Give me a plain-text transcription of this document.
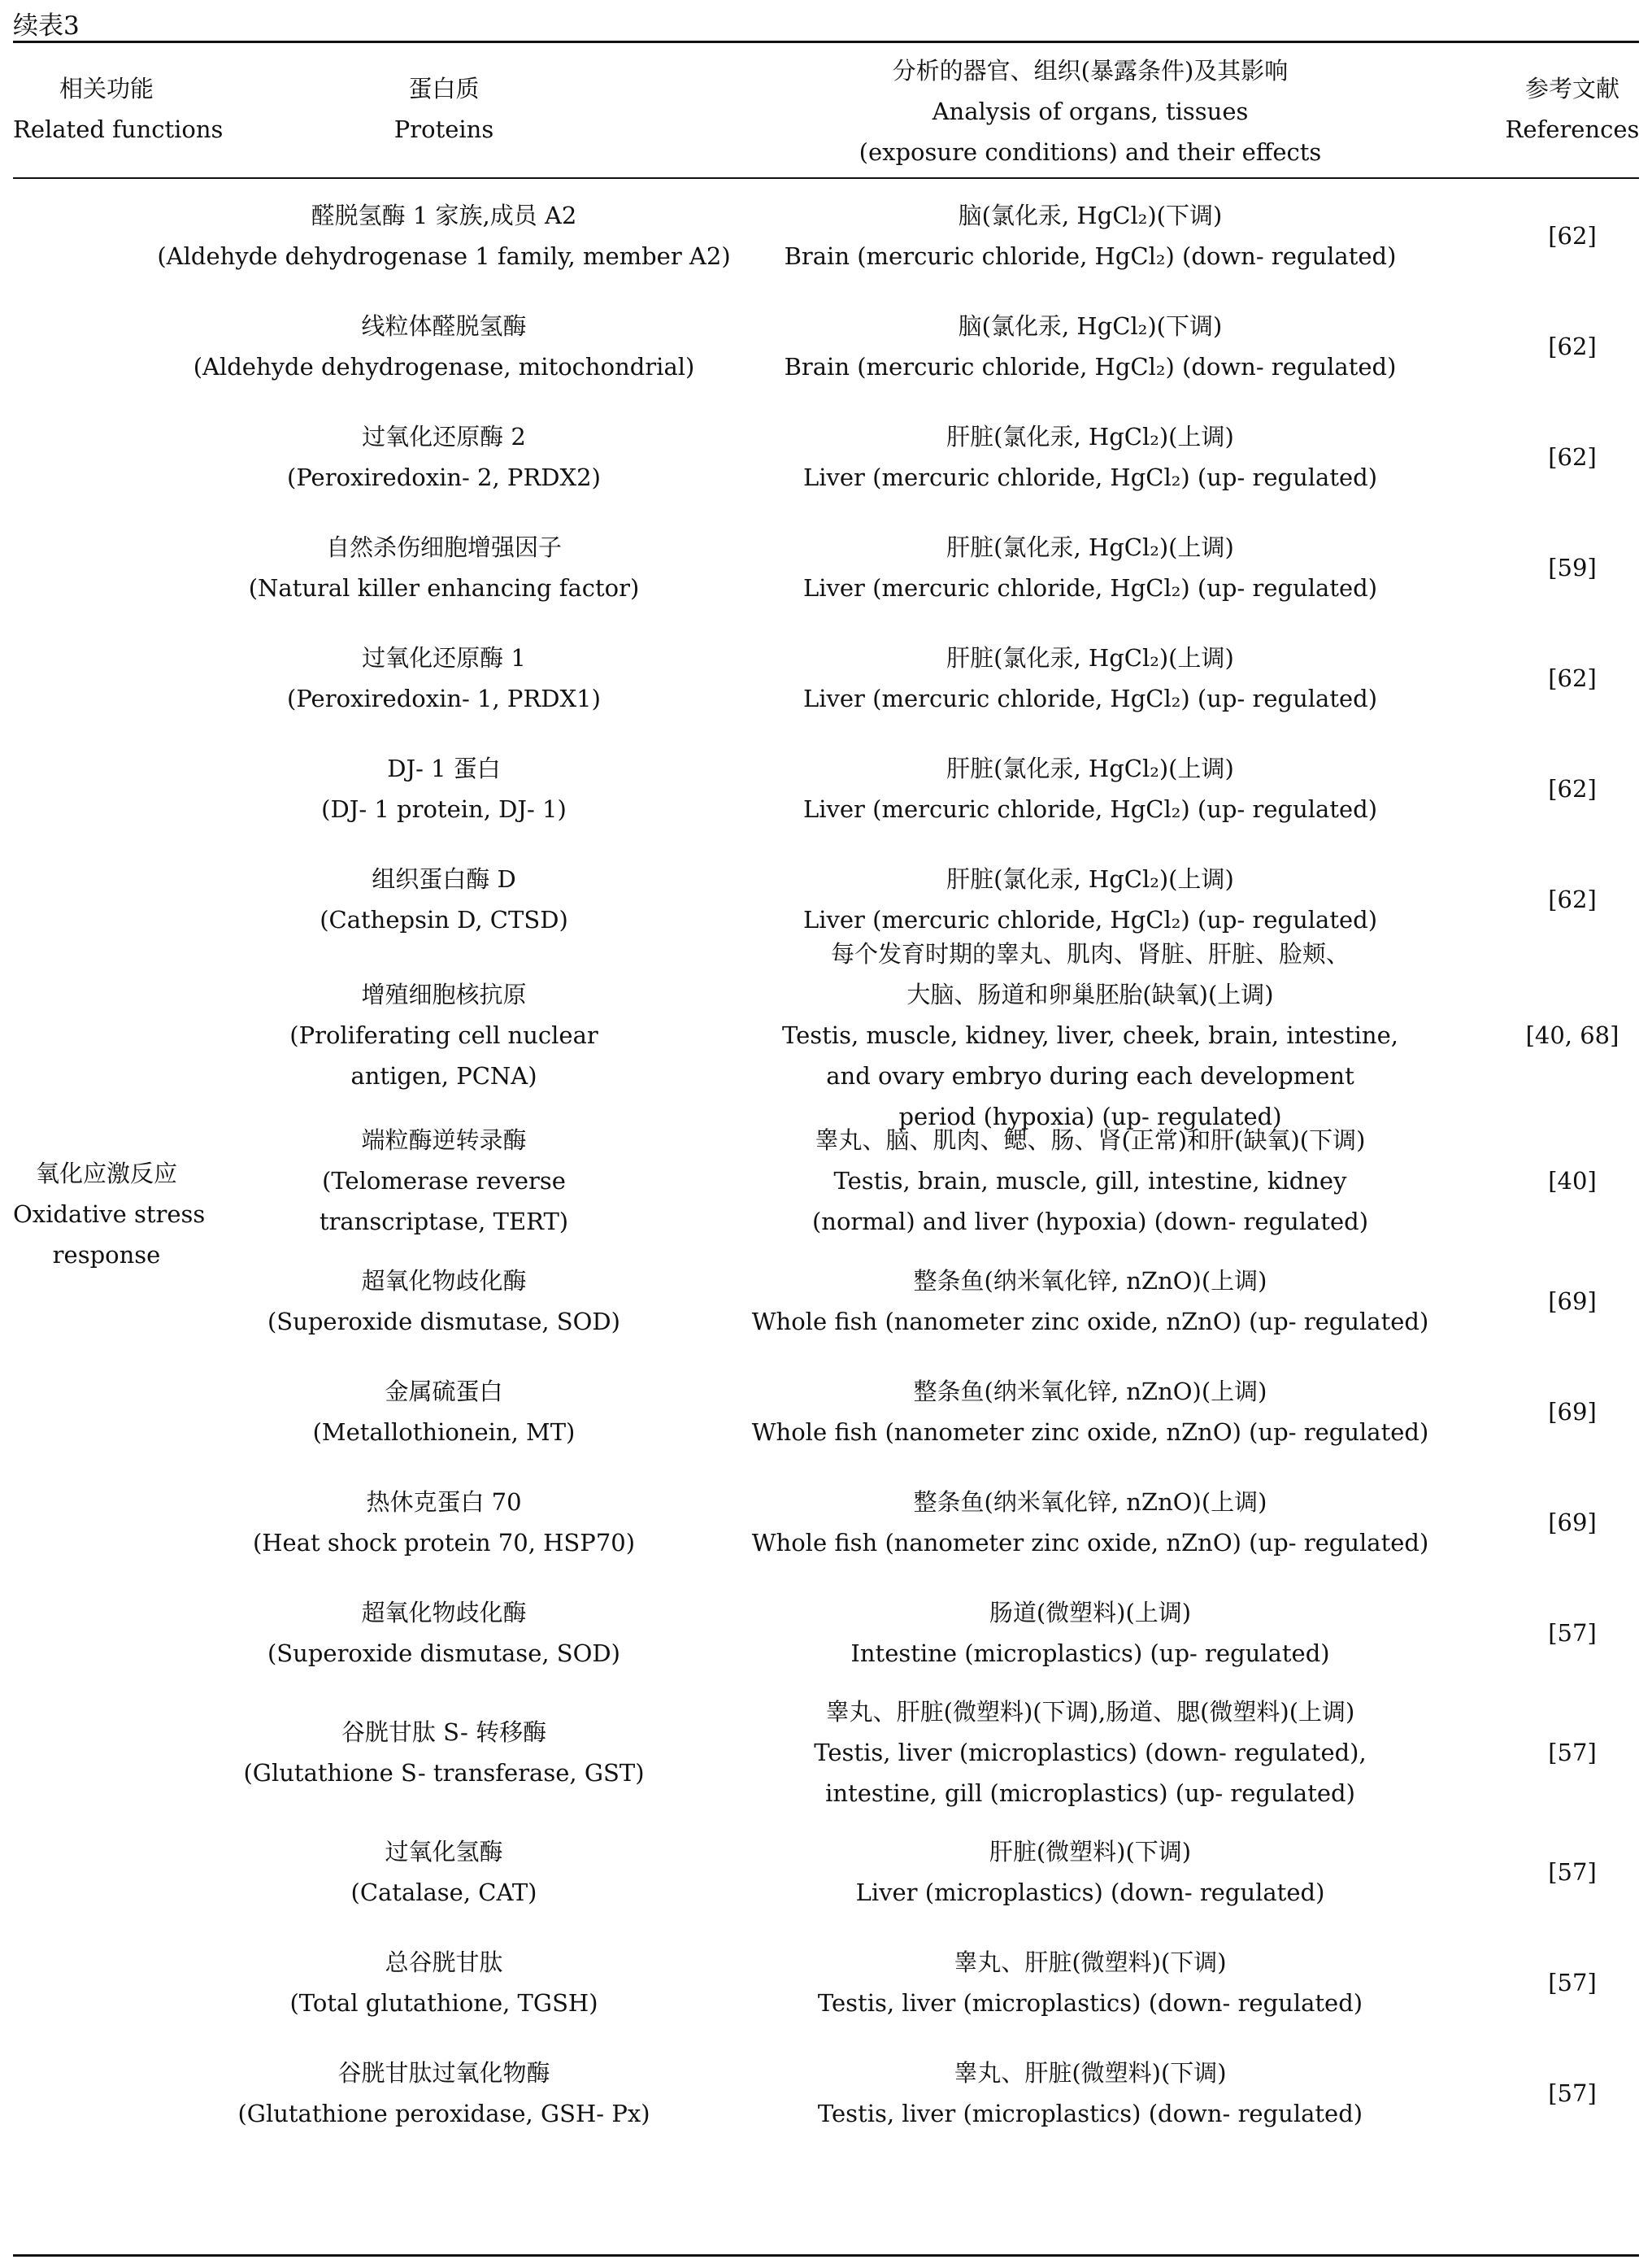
续表3
相关功能
Related functions
蛋白质
Proteins
分析的器官、组织(暴露条件)及其影响
Analysis of organs, tissues
(exposure conditions) and their effects
参考文献
References
氧化应激反应
Oxidative stress
response
醛脱氢酶 1 家族,成员 A2
(Aldehyde dehydrogenase 1 family, member A2)
脑(氯化汞, HgCl₂)(下调)
Brain (mercuric chloride, HgCl₂) (down- regulated)
[62]
线粒体醛脱氢酶
(Aldehyde dehydrogenase, mitochondrial)
脑(氯化汞, HgCl₂)(下调)
Brain (mercuric chloride, HgCl₂) (down- regulated)
[62]
过氧化还原酶 2
(Peroxiredoxin- 2, PRDX2)
肝脏(氯化汞, HgCl₂)(上调)
Liver (mercuric chloride, HgCl₂) (up- regulated)
[62]
自然杀伤细胞增强因子
(Natural killer enhancing factor)
肝脏(氯化汞, HgCl₂)(上调)
Liver (mercuric chloride, HgCl₂) (up- regulated)
[59]
过氧化还原酶 1
(Peroxiredoxin- 1, PRDX1)
肝脏(氯化汞, HgCl₂)(上调)
Liver (mercuric chloride, HgCl₂) (up- regulated)
[62]
DJ- 1 蛋白
(DJ- 1 protein, DJ- 1)
肝脏(氯化汞, HgCl₂)(上调)
Liver (mercuric chloride, HgCl₂) (up- regulated)
[62]
组织蛋白酶 D
(Cathepsin D, CTSD)
肝脏(氯化汞, HgCl₂)(上调)
Liver (mercuric chloride, HgCl₂) (up- regulated)
[62]
增殖细胞核抗原
(Proliferating cell nuclear
antigen, PCNA)
每个发育时期的睾丸、肌肉、肾脏、肝脏、脸颊、
大脑、肠道和卵巢胚胎(缺氧)(上调)
Testis, muscle, kidney, liver, cheek, brain, intestine,
and ovary embryo during each development
period (hypoxia) (up- regulated)
[40, 68]
端粒酶逆转录酶
(Telomerase reverse
transcriptase, TERT)
睾丸、脑、肌肉、鳃、肠、肾(正常)和肝(缺氧)(下调)
Testis, brain, muscle, gill, intestine, kidney
(normal) and liver (hypoxia) (down- regulated)
[40]
超氧化物歧化酶
(Superoxide dismutase, SOD)
整条鱼(纳米氧化锌, nZnO)(上调)
Whole fish (nanometer zinc oxide, nZnO) (up- regulated)
[69]
金属硫蛋白
(Metallothionein, MT)
整条鱼(纳米氧化锌, nZnO)(上调)
Whole fish (nanometer zinc oxide, nZnO) (up- regulated)
[69]
热休克蛋白 70
(Heat shock protein 70, HSP70)
整条鱼(纳米氧化锌, nZnO)(上调)
Whole fish (nanometer zinc oxide, nZnO) (up- regulated)
[69]
超氧化物歧化酶
(Superoxide dismutase, SOD)
肠道(微塑料)(上调)
Intestine (microplastics) (up- regulated)
[57]
谷胱甘肽 S- 转移酶
(Glutathione S- transferase, GST)
睾丸、肝脏(微塑料)(下调),肠道、腮(微塑料)(上调)
Testis, liver (microplastics) (down- regulated),
intestine, gill (microplastics) (up- regulated)
[57]
过氧化氢酶
(Catalase, CAT)
肝脏(微塑料)(下调)
Liver (microplastics) (down- regulated)
[57]
总谷胱甘肽
(Total glutathione, TGSH)
睾丸、肝脏(微塑料)(下调)
Testis, liver (microplastics) (down- regulated)
[57]
谷胱甘肽过氧化物酶
(Glutathione peroxidase, GSH- Px)
睾丸、肝脏(微塑料)(下调)
Testis, liver (microplastics) (down- regulated)
[57]
